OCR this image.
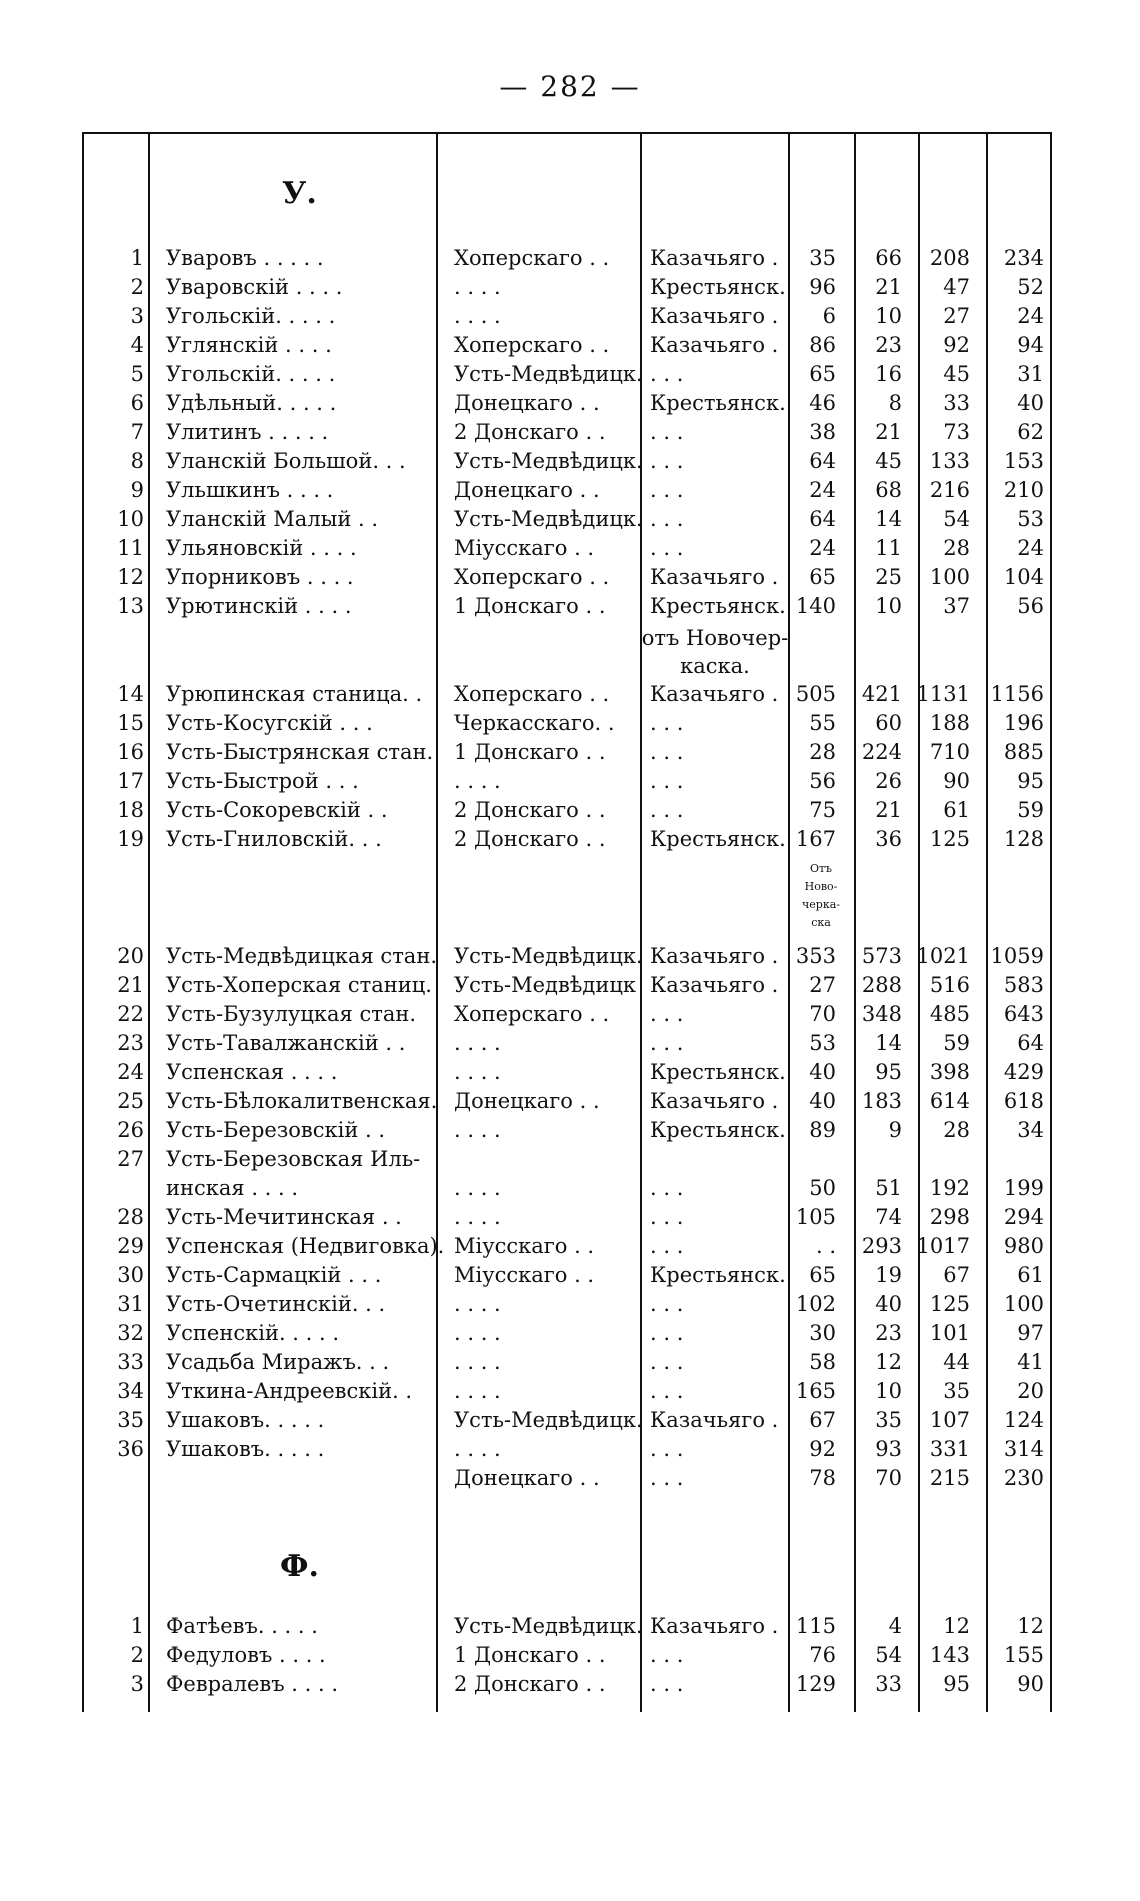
— 282 —
У.
Ф.
1 Уваровъ . . . . .	Хоперскаго . .	Казачьяго .	35	66	208	234
2 Уваровскій . . . .	. . . .	Крестьянск.	96	21	47	52
3 Угольскій. . . . .	. . . .	Казачьяго .	6	10	27	24
4 Углянскій . . . .	Хоперскаго . .	Казачьяго .	86	23	92	94
5 Угольскій. . . . .	Усть-Медвѣдицк. . . .	65	16	45	31
6 Удѣльный. . . . .	Донецкаго . .	Крестьянск.	46	8	33	40
7 Улитинъ . . . . .	2 Донскаго . .	. . .	38	21	73	62
8 Уланскій Большой. . .	Усть-Медвѣдицк. . . .	64	45	133	153
9 Ульшкинъ . . . .	Донецкаго . .	. . .	24	68	216	210
10 Уланскій Малый . .	Усть-Медвѣдицк. . . .	64	14	54	53
11 Ульяновскій . . . .	Міусскаго . .	. . .	24	11	28	24
12 Упорниковъ . . . .	Хоперскаго . .	Казачьяго .	65	25	100	104
13 Урютинскій . . . .	1 Донскаго . .	Крестьянск. 140	10	37	56
14 Урюпинская станица. .	Хоперскаго . .	Казачьяго . 505	421 1131 1156
15 Усть-Косугскій . . .	Черкасскаго. .	. . .	55	60	188	196
16 Усть-Быстрянская стан. 1 Донскаго . .	. . .	28	224	710	885
17 Усть-Быстрой . . .	. . . .	. . .	56	26	90	95
18 Усть-Сокоревскій . .	2 Донскаго . .	. . .	75	21	61	59
19 Усть-Гниловскій. . .	2 Донскаго . .	Крестьянск. 167	36	125	128
20 Усть-Медвѣдицкая стан. Усть-Медвѣдицк. Казачьяго . 353	573 1021 1059
21 Усть-Хоперская станиц. Усть-Медвѣдицк Казачьяго .	27	288	516	583
22 Усть-Бузулуцкая стан.	Хоперскаго . .	. . .	70	348	485	643
23 Усть-Тавалжанскій . .	. . . .	. . .	53	14	59	64
24 Успенская . . . .	. . . .	Крестьянск.	40	95	398	429
25 Усть-Бѣлокалитвенская. Донецкаго . .	Казачьяго .	40	183	614	618
26 Усть-Березовскій . .	. . . .	Крестьянск.	89	9	28	34
27 Усть-Березовская Иль-
инская . . . .	. . . .	. . .	50	51	192	199
28 Усть-Мечитинская . .	. . . .	. . .	105	74	298	294
29 Успенская (Недвиговка). Міусскаго . .	. . .	. .	293 1017	980
30 Усть-Сармацкій . . .	Міусскаго . .	Крестьянск.	65	19	67	61
31 Усть-Очетинскій. . .	. . . .	. . .	102	40	125	100
32 Успенскій. . . . .	. . . .	. . .	30	23	101	97
33 Усадьба Миражъ. . .	. . . .	. . .	58	12	44	41
34 Уткина-Андреевскій. .	. . . .	. . .	165	10	35	20
35 Ушаковъ. . . . .	Усть-Медвѣдицк. Казачьяго .	67	35	107	124
36 Ушаковъ. . . . .	. . . .	. . .	92	93	331	314
Донецкаго . .	. . .	78	70	215	230
1 Фатѣевъ. . . . .	Усть-Медвѣдицк. Казачьяго . 115	4	12	12
2 Федуловъ . . . .	1 Донскаго . .	. . .	76	54	143	155
3 Февралевъ . . . .	2 Донскаго . .	. . .	129	33	95	90
отъ Новочер-
каска.
Отъ
Ново-
черка-
ска
